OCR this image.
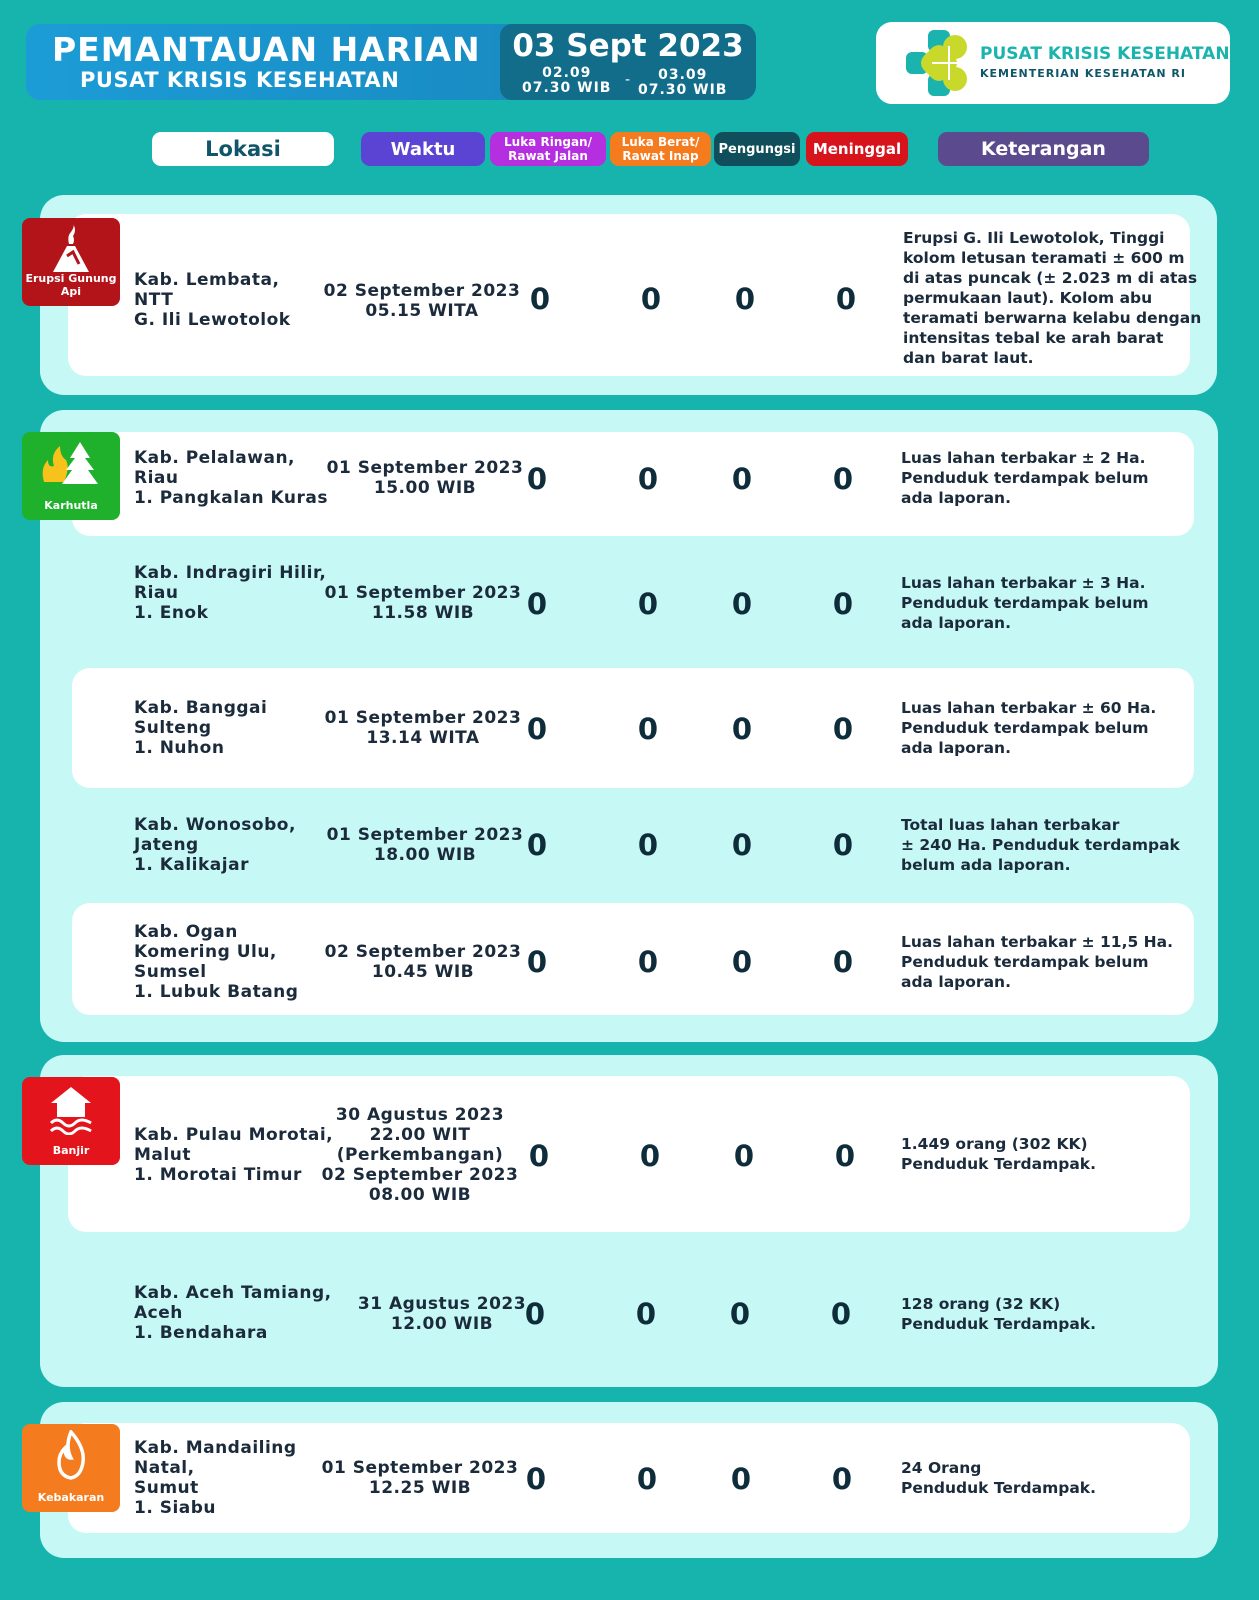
PEMANTAUAN HARIAN
PUSAT KRISIS KESEHATAN
03 Sept 2023
02.09
07.30 WIB -	03.09
07.30 WIB
PUSAT KRISIS KESEHATAN
KEMENTERIAN KESEHATAN RI
Lokasi	Waktu	Luka Ringan/
Rawat Jalan
Luka Berat/
Rawat Inap	Pengungsi	Meninggal	Keterangan
Erupsi Gunung
Api
Karhutla
Banjir
Kebakaran
Kab. Lembata,
NTT
G. Ili Lewotolok
02 September 2023
05.15 WITA	0	0	0	0
Erupsi G. Ili Lewotolok, Tinggi
kolom letusan teramati ± 600 m
di atas puncak (± 2.023 m di atas
permukaan laut). Kolom abu
teramati berwarna kelabu dengan
intensitas tebal ke arah barat
dan barat laut.
Kab. Pelalawan,
Riau
1. Pangkalan Kuras
01 September 2023
15.00 WIB	0	0	0	0
Luas lahan terbakar ± 2 Ha.
Penduduk terdampak belum
ada laporan.
Kab. Indragiri Hilir,
Riau
1. Enok
01 September 2023
11.58 WIB	0	0	0	0
Luas lahan terbakar ± 3 Ha.
Penduduk terdampak belum
ada laporan.
Kab. Banggai
Sulteng
1. Nuhon
01 September 2023
13.14 WITA	0	0	0	0
Luas lahan terbakar ± 60 Ha.
Penduduk terdampak belum
ada laporan.
Kab. Wonosobo,
Jateng
1. Kalikajar
01 September 2023
18.00 WIB	0	0	0	0
Total luas lahan terbakar
± 240 Ha. Penduduk terdampak
belum ada laporan.
Kab. Ogan
Komering Ulu,
Sumsel
1. Lubuk Batang
02 September 2023
10.45 WIB	0	0	0	0
Luas lahan terbakar ± 11,5 Ha.
Penduduk terdampak belum
ada laporan.
Kab. Pulau Morotai,
Malut
1. Morotai Timur
30 Agustus 2023
22.00 WIT
(Perkembangan)
02 September 2023
08.00 WIB
0	0	0	0	1.449 orang (302 KK)
Penduduk Terdampak.
Kab. Aceh Tamiang,
Aceh
1. Bendahara
31 Agustus 2023
12.00 WIB	0	0	0	0	128 orang (32 KK)
Penduduk Terdampak.
Kab. Mandailing
Natal,
Sumut
1. Siabu
01 September 2023
12.25 WIB	0	0	0	0	24 Orang
Penduduk Terdampak.
